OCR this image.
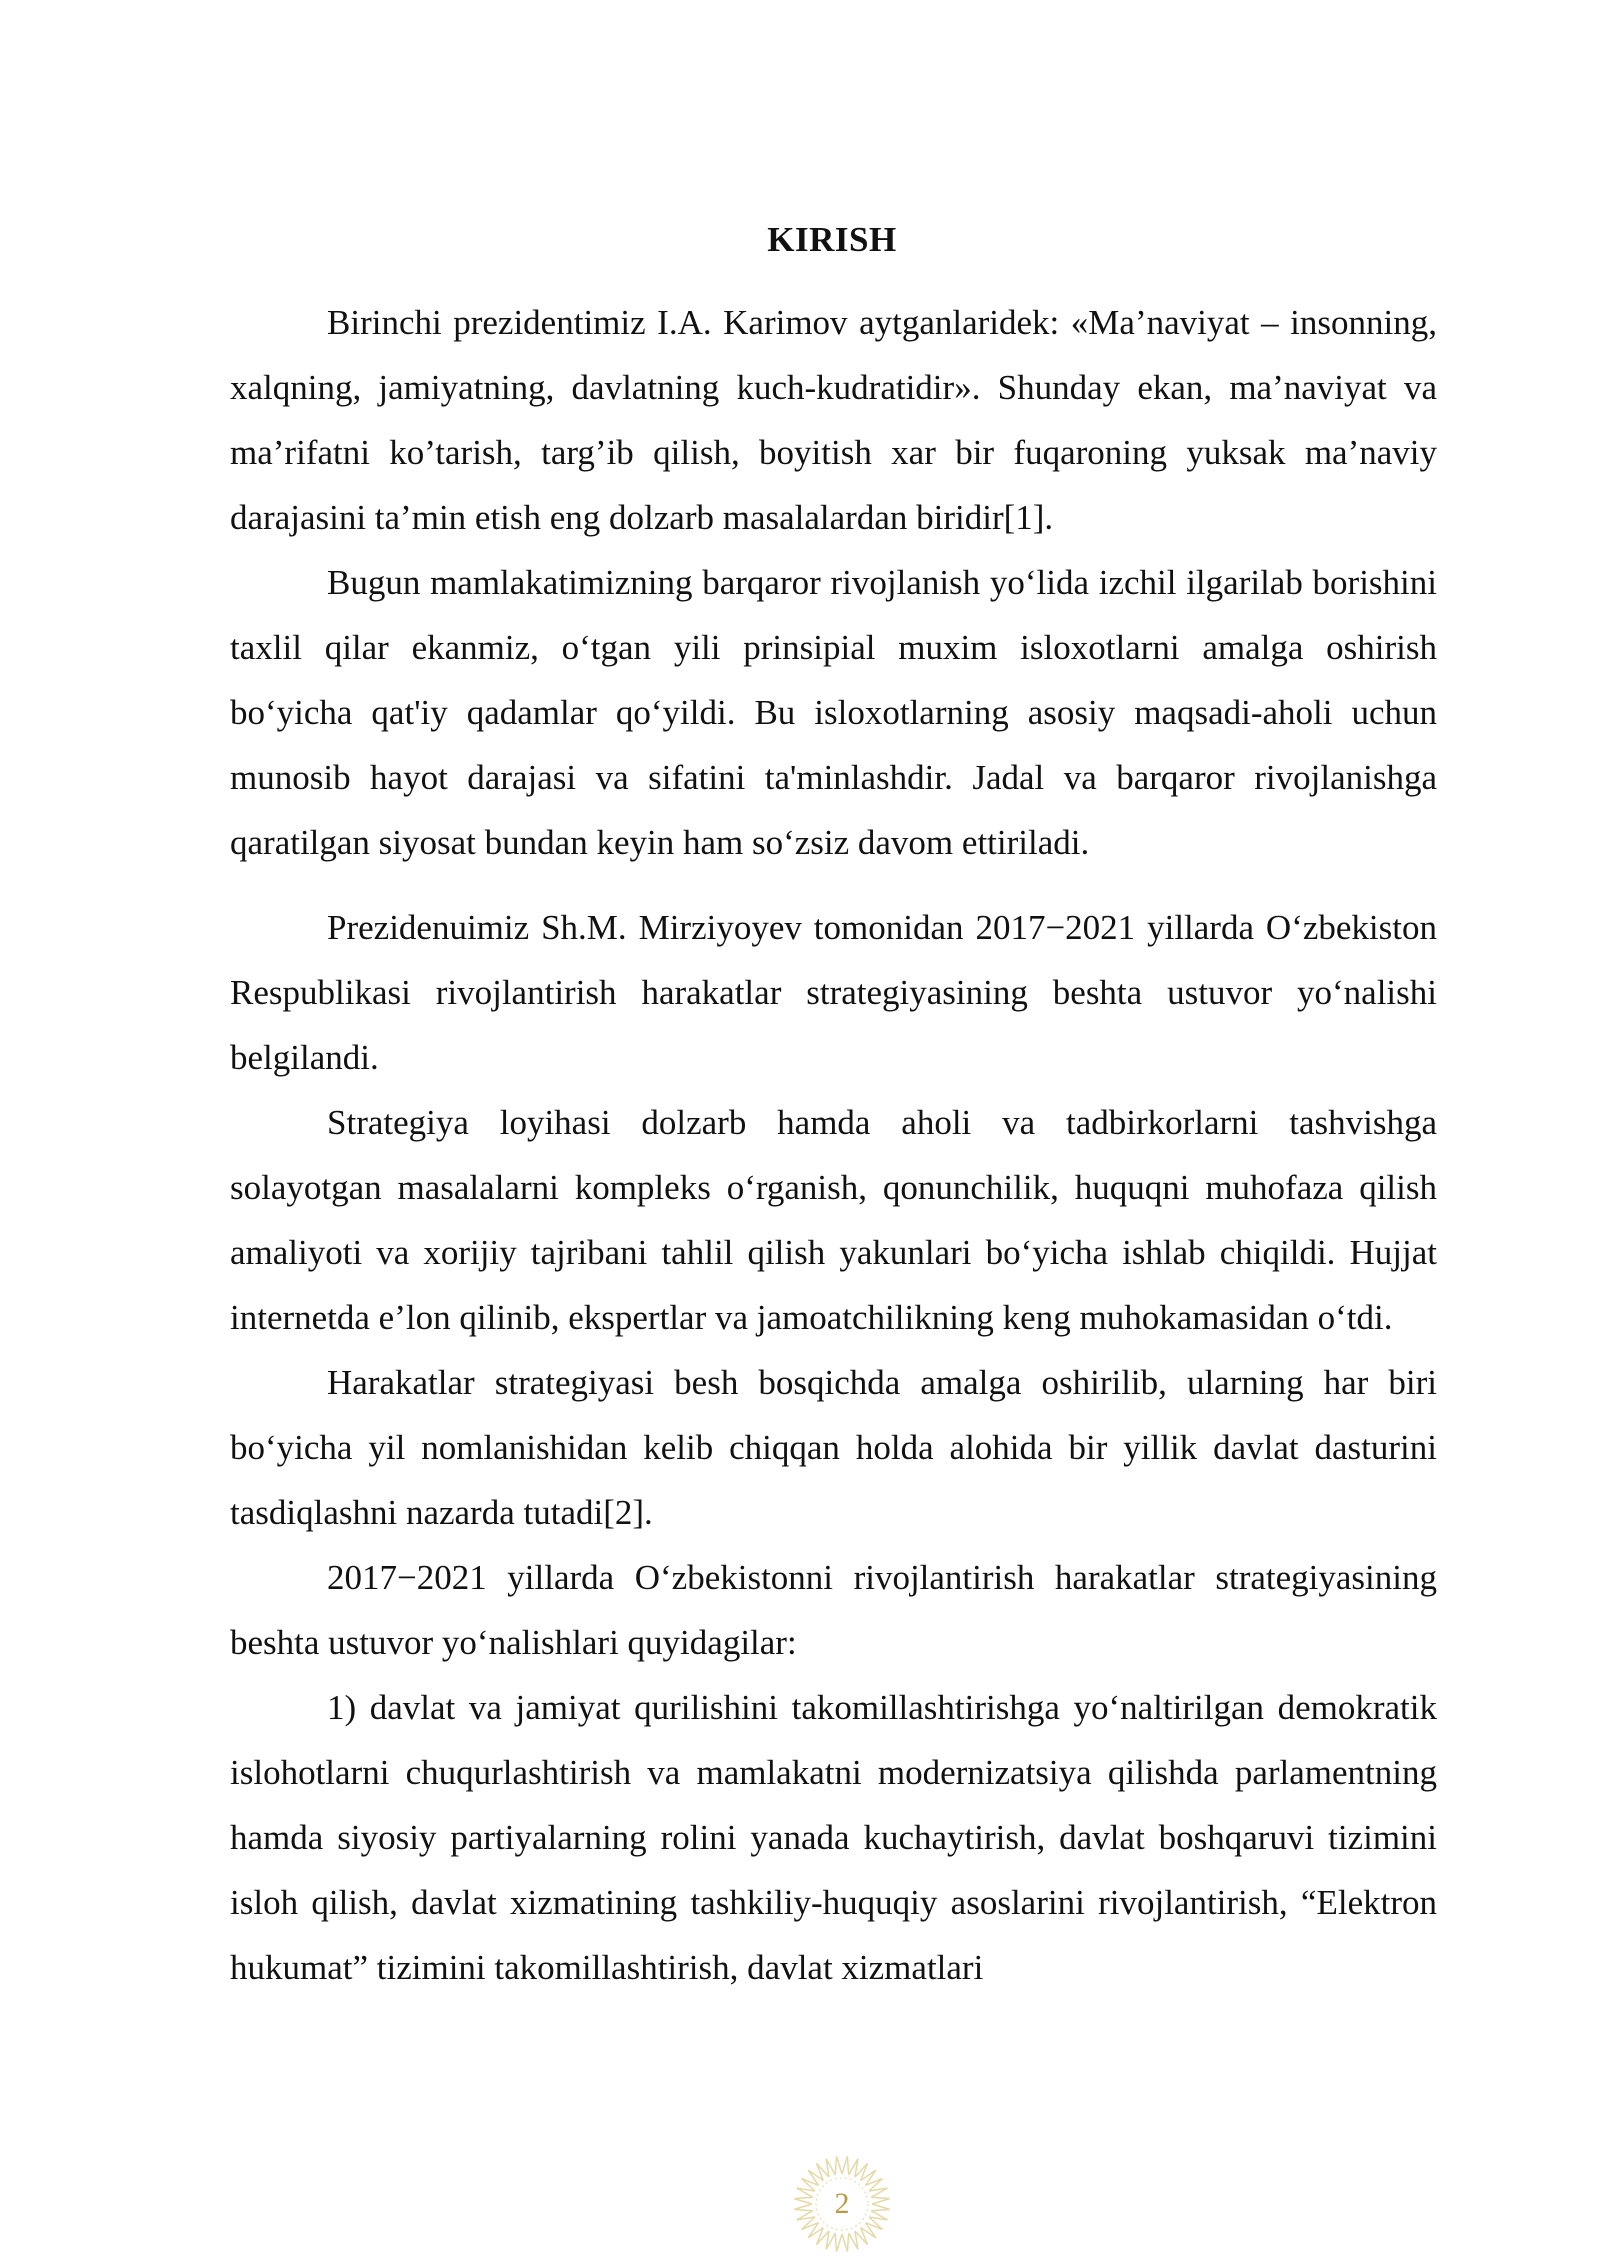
KIRISH

Birinchi prezidentimiz I.A. Karimov aytganlaridek: «Ma’naviyat – insonning, xalqning, jamiyatning, davlatning kuch-kudratidir». Shunday ekan, ma’naviyat va ma’rifatni ko’tarish, targ’ib qilish, boyitish xar bir fuqaroning yuksak ma’naviy darajasini ta’min etish eng dolzarb masalalardan biridir[1].

Bugun mamlakatimizning barqaror rivojlanish yo‘lida izchil ilgarilab borishini taxlil qilar ekanmiz, o‘tgan yili prinsipial muxim isloxotlarni amalga oshirish bo‘yicha qat'iy qadamlar qo‘yildi. Bu isloxotlarning asosiy maqsadi-aholi uchun munosib hayot darajasi va sifatini ta'minlashdir. Jadal va barqaror rivojlanishga qaratilgan siyosat bundan keyin ham so‘zsiz davom ettiriladi.

Prezidenuimiz Sh.M. Mirziyoyev tomonidan 2017−2021 yillarda O‘zbekiston Respublikasi rivojlantirish harakatlar strategiyasining beshta ustuvor yo‘nalishi belgilandi.

Strategiya loyihasi dolzarb hamda aholi va tadbirkorlarni tashvishga solayotgan masalalarni kompleks o‘rganish, qonunchilik, huquqni muhofaza qilish amaliyoti va xorijiy tajribani tahlil qilish yakunlari bo‘yicha ishlab chiqildi. Hujjat internetda e’lon qilinib, ekspertlar va jamoatchilikning keng muhokamasidan o‘tdi.

Harakatlar strategiyasi besh bosqichda amalga oshirilib, ularning har biri bo‘yicha yil nomlanishidan kelib chiqqan holda alohida bir yillik davlat dasturini tasdiqlashni nazarda tutadi[2].

2017−2021 yillarda O‘zbekistonni rivojlantirish harakatlar strategiyasining beshta ustuvor yo‘nalishlari quyidagilar:

1) davlat va jamiyat qurilishini takomillashtirishga yo‘naltirilgan demokratik islohotlarni chuqurlashtirish va mamlakatni modernizatsiya qilishda parlamentning hamda siyosiy partiyalarning rolini yanada kuchaytirish, davlat boshqaruvi tizimini isloh qilish, davlat xizmatining tashkiliy-huquqiy asoslarini rivojlantirish, “Elektron hukumat” tizimini takomillashtirish, davlat xizmatlari

2
